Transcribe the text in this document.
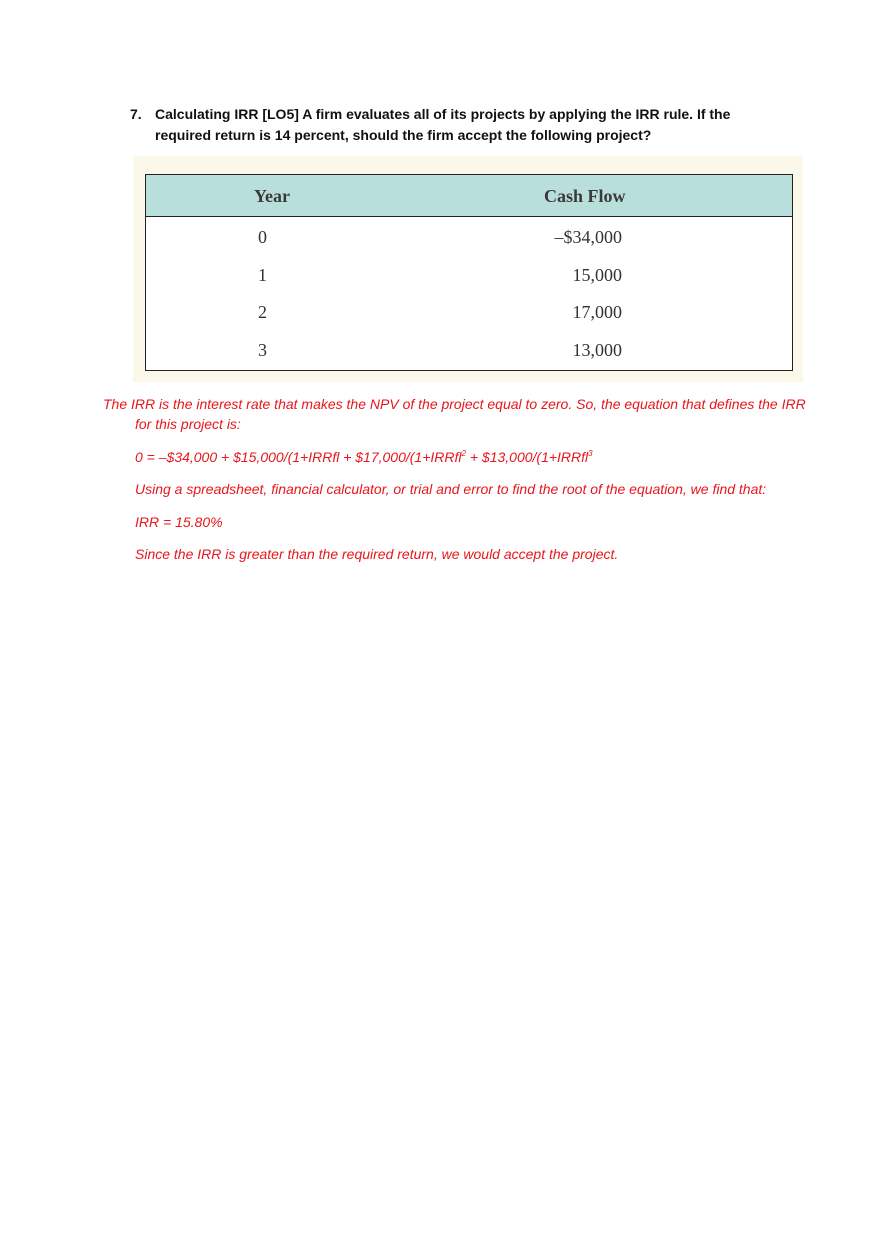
7. Calculating IRR [LO5] A firm evaluates all of its projects by applying the IRR rule. If the required return is 14 percent, should the firm accept the following project?
Year	Cash Flow
0	–$34,000
1	15,000
2	17,000
3	13,000
The IRR is the interest rate that makes the NPV of the project equal to zero. So, the equation that defines the IRR for this project is:
0 = –$34,000 + $15,000/(1+IRRfl + $17,000/(1+IRRfl$^2$ + $13,000/(1+IRRfl$^3$
Using a spreadsheet, financial calculator, or trial and error to find the root of the equation, we find that:
IRR = 15.80%
Since the IRR is greater than the required return, we would accept the project.
